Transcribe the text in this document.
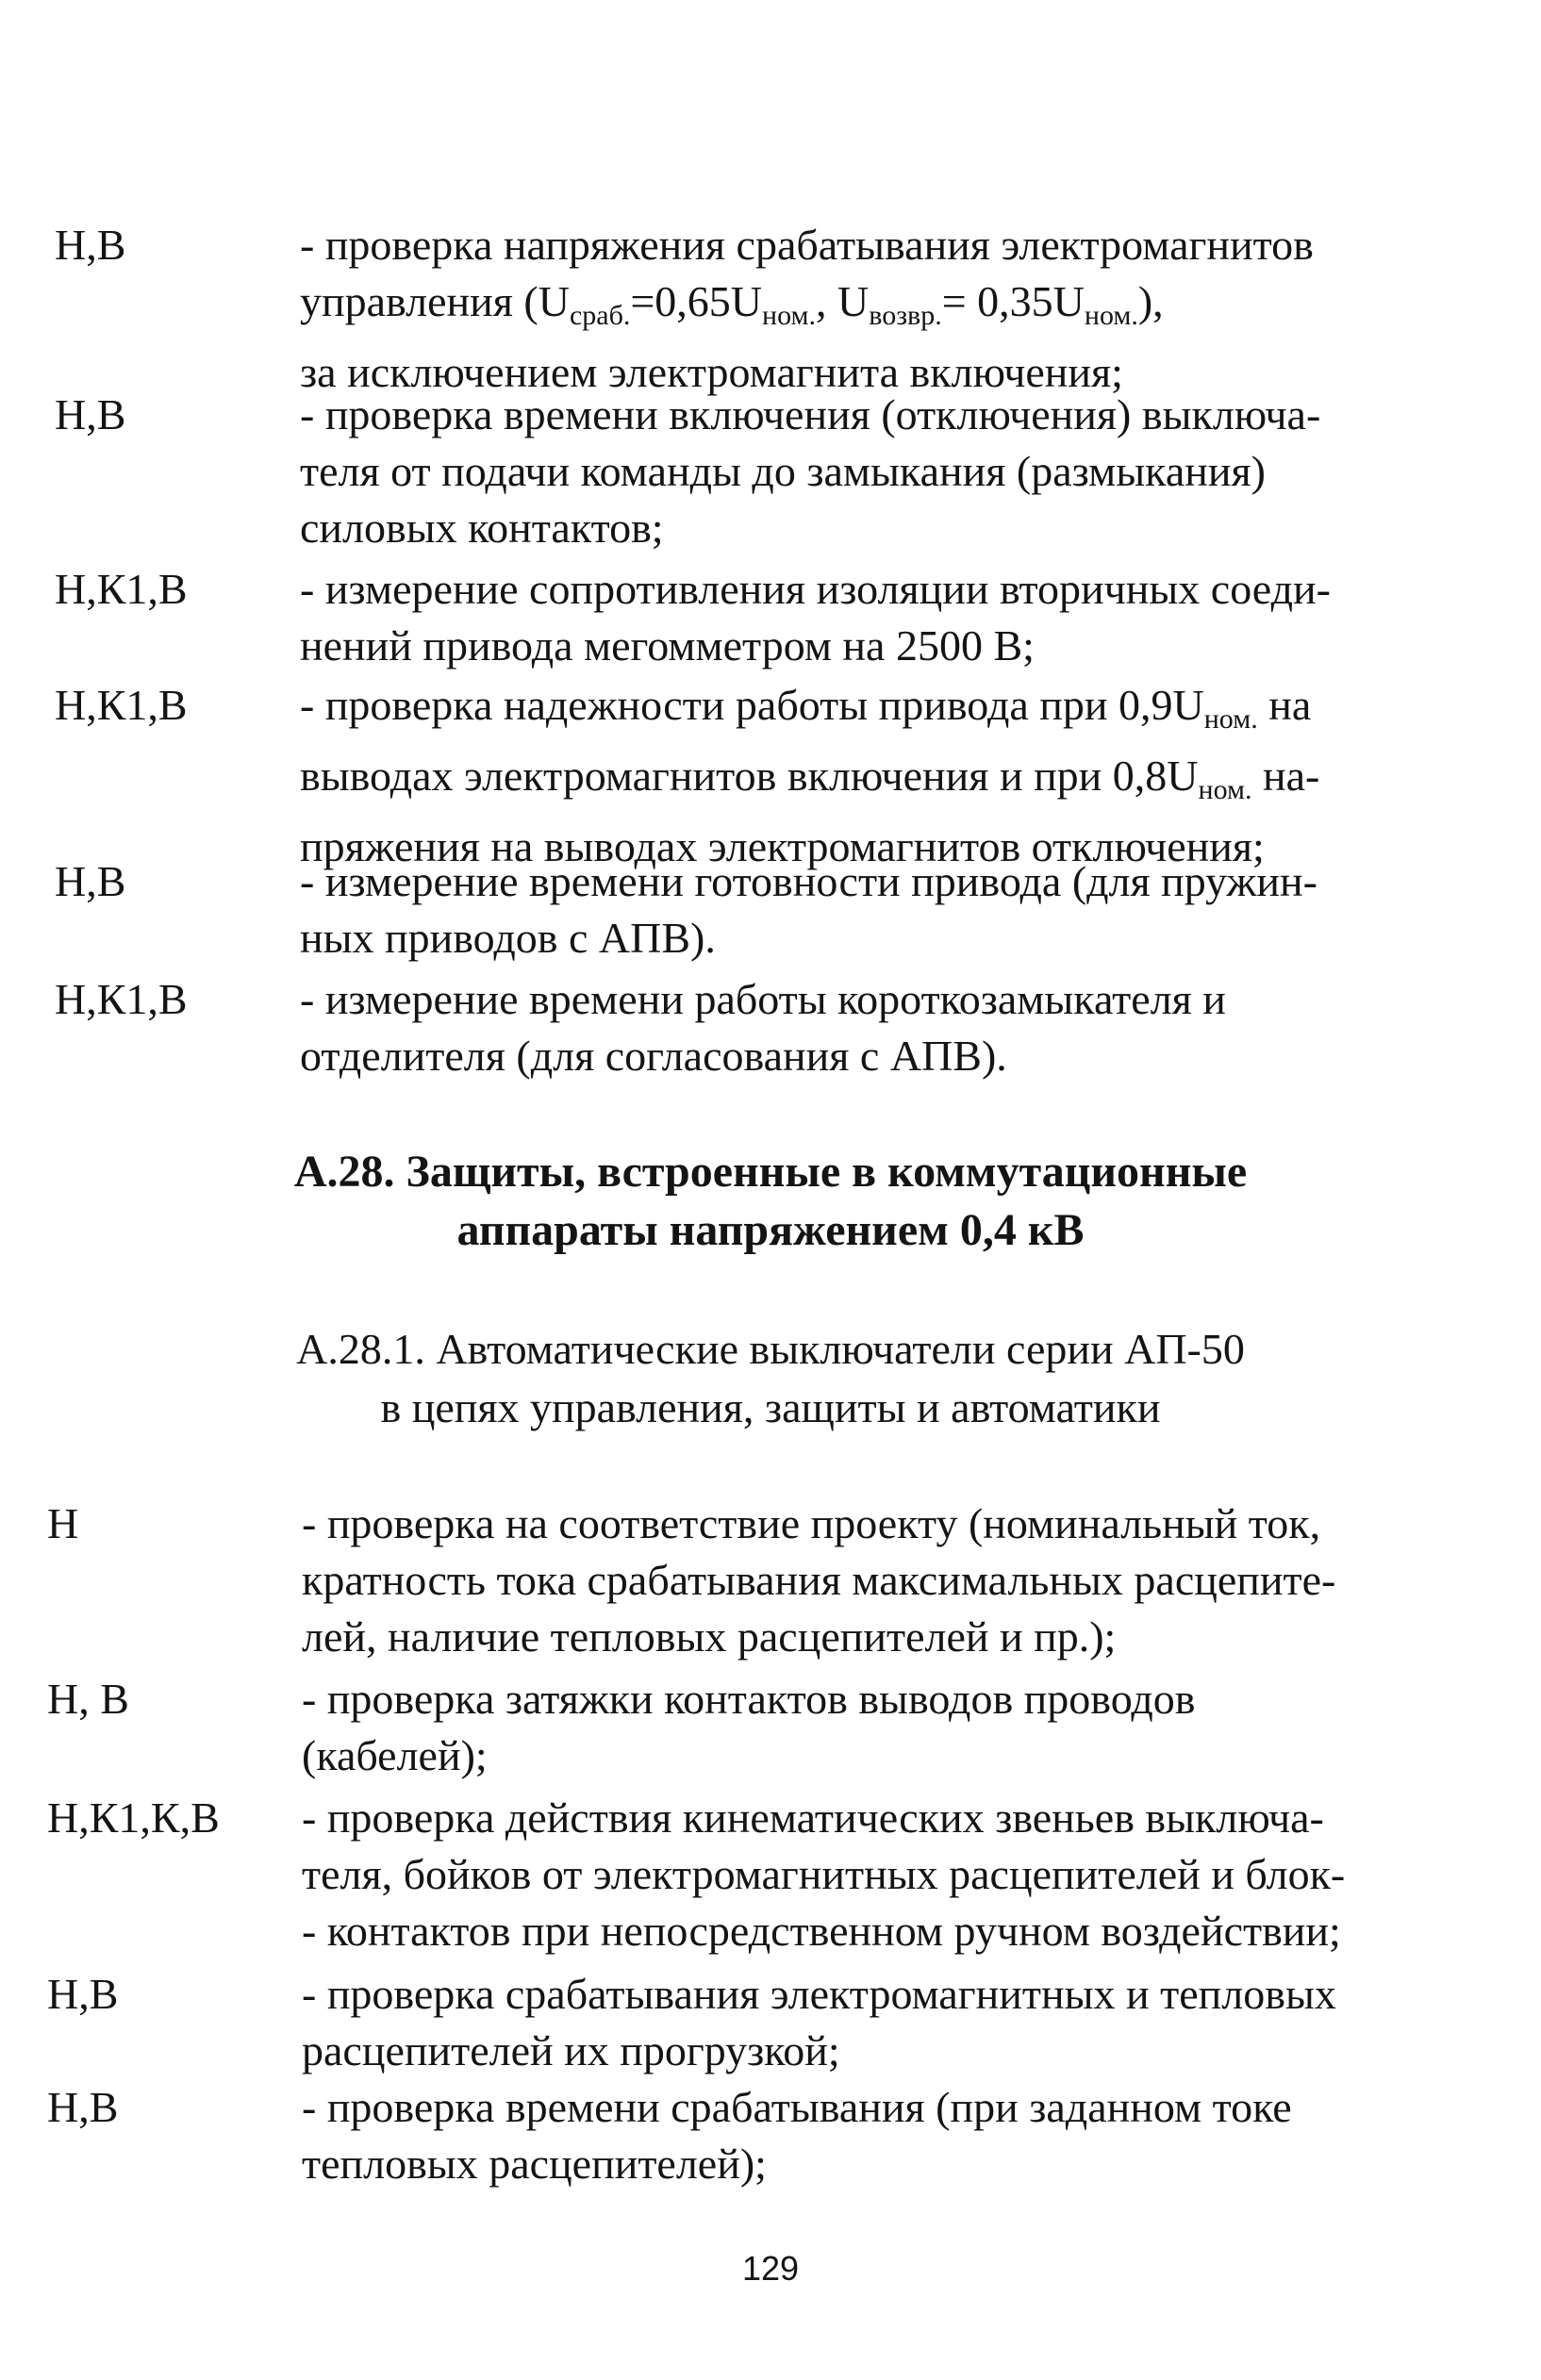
Н,В	- проверка напряжения срабатывания электромагнитов
управления ($U_{сраб.}=0,65U_{ном.}$, $U_{возвр.}= 0,35U_{ном.}$),
за исключением электромагнита включения;
Н,В	- проверка времени включения (отключения) выключа-
теля от подачи команды до замыкания (размыкания)
силовых контактов;
Н,К1,В	- измерение сопротивления изоляции вторичных соеди-
нений привода мегомметром на 2500 В;
Н,К1,В	- проверка надежности работы привода при $0,9U_{ном.}$ на
выводах электромагнитов включения и при $0,8U_{ном.}$ на-
пряжения на выводах электромагнитов отключения;
Н,В	- измерение времени готовности привода (для пружин-
ных приводов с АПВ).
Н,К1,В	- измерение времени работы короткозамыкателя и
отделителя (для согласования с АПВ).
А.28. Защиты, встроенные в коммутационные
аппараты напряжением 0,4 кВ
А.28.1. Автоматические выключатели серии АП-50
в цепях управления, защиты и автоматики
Н	- проверка на соответствие проекту (номинальный ток,
кратность тока срабатывания максимальных расцепите-
лей, наличие тепловых расцепителей и пр.);
Н, В	- проверка затяжки контактов выводов проводов
(кабелей);
Н,К1,К,В - проверка действия кинематических звеньев выключа-
теля, бойков от электромагнитных расцепителей и блок-
- контактов при непосредственном ручном воздействии;
Н,В	- проверка срабатывания электромагнитных и тепловых
расцепителей их прогрузкой;
Н,В	- проверка времени срабатывания (при заданном токе
тепловых расцепителей);
129
